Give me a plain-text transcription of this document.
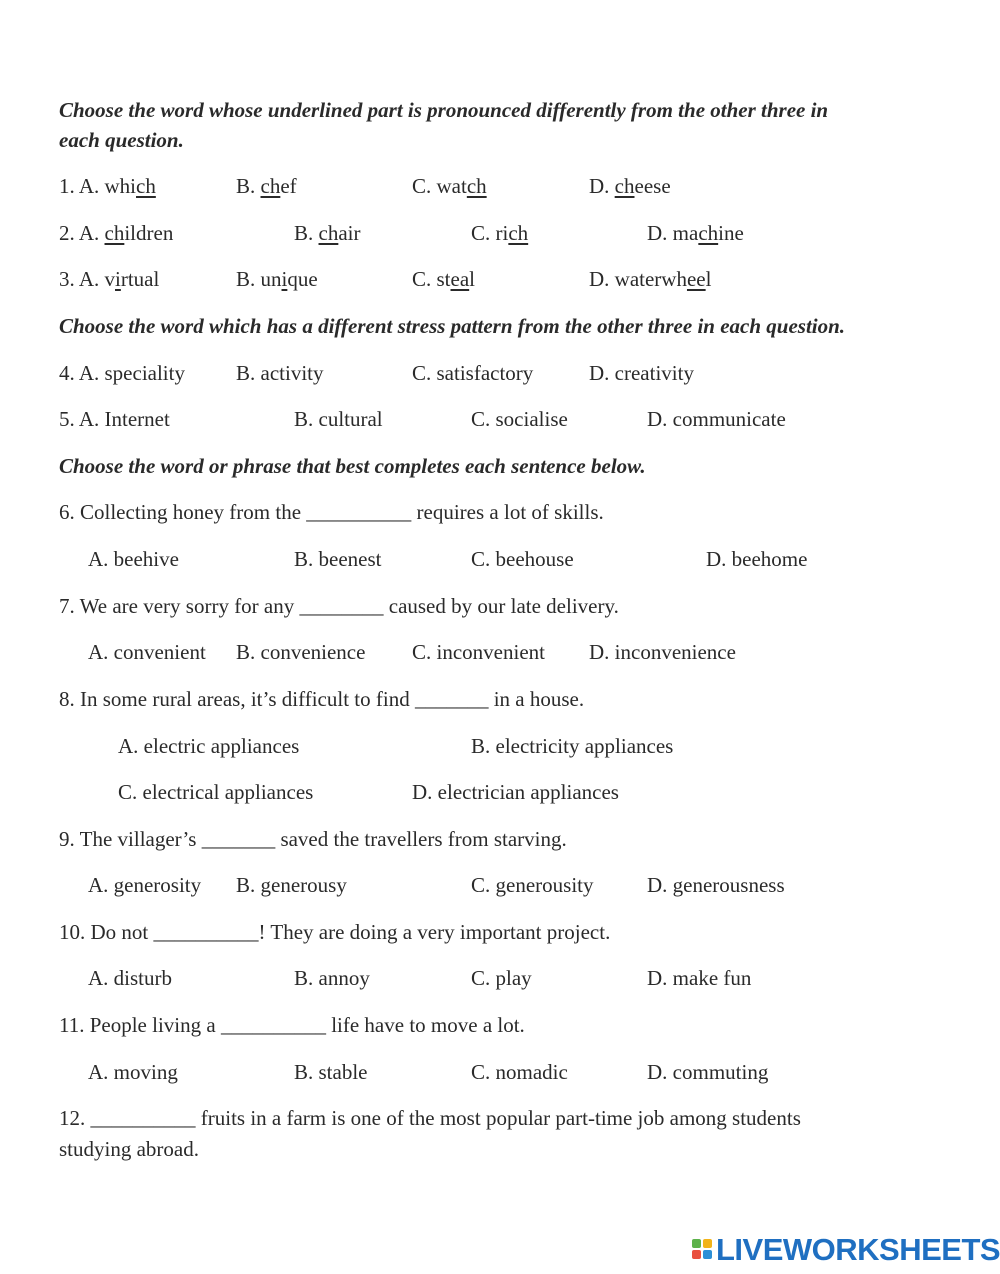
Choose the word whose underlined part is pronounced differently from the other three in
each question.
1. A. which	B. chef	C. watch	D. cheese
2. A. children	B. chair	C. rich	D. machine
3. A. virtual	B. unique	C. steal	D. waterwheel
Choose the word which has a different stress pattern from the other three in each question.
4. A. speciality B. activity	C. satisfactory	D. creativity
5. A. Internet	B. cultural	C. socialise	D. communicate
Choose the word or phrase that best completes each sentence below.
6. Collecting honey from the __________ requires a lot of skills.
A. beehive	B. beenest	C. beehouse	D. beehome
7. We are very sorry for any ________ caused by our late delivery.
A. convenient B. convenience C. inconvenient D. inconvenience
8. In some rural areas, it’s difficult to find _______ in a house.
A. electric appliances	B. electricity appliances
C. electrical appliances	D. electrician appliances
9. The villager’s _______ saved the travellers from starving.
A. generosity B. generousy	C. generousity	D. generousness
10. Do not __________! They are doing a very important project.
A. disturb	B. annoy	C. play	D. make fun
11. People living a __________ life have to move a lot.
A. moving	B. stable	C. nomadic	D. commuting
12. __________ fruits in a farm is one of the most popular part-time job among students
studying abroad.
LIVEWORKSHEETS
